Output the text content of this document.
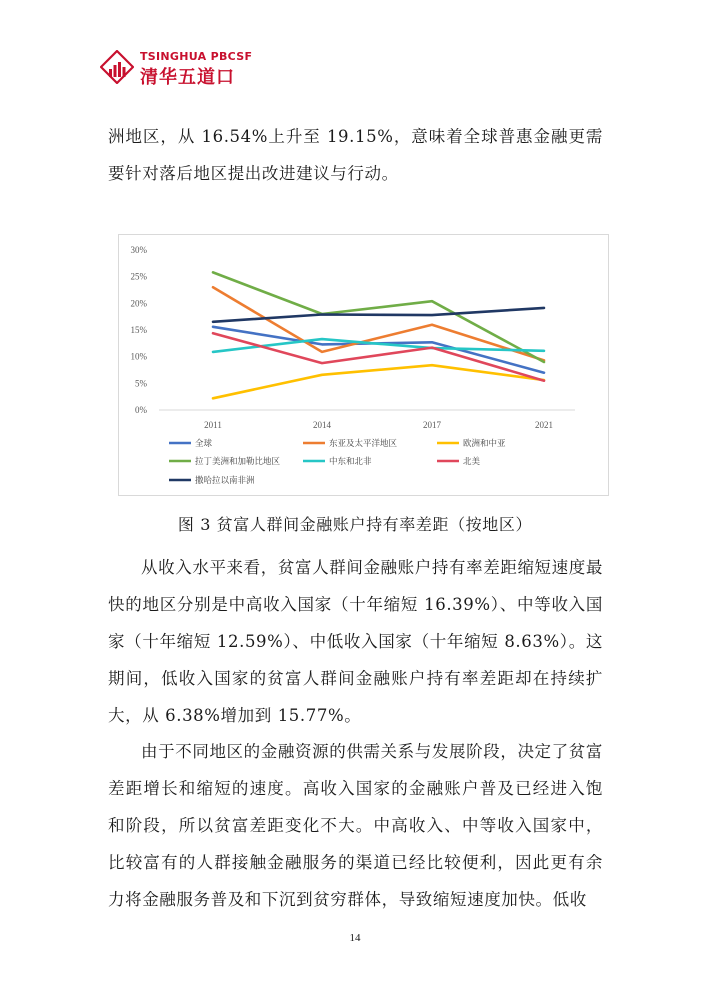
TSINGHUA PBCSF
清华五道口

洲地区，从 16.54%上升至 19.15%，意味着全球普惠金融更需要针对落后地区提出改进建议与行动。

0%
5%
10%
15%
20%
25%
30%
2011	2014	2017	2021
全球	东亚及太平洋地区	欧洲和中亚
拉丁美洲和加勒比地区	中东和北非	北美
撒哈拉以南非洲
图 3 贫富人群间金融账户持有率差距（按地区）

从收入水平来看，贫富人群间金融账户持有率差距缩短速度最快的地区分别是中高收入国家（十年缩短 16.39%）、中等收入国家（十年缩短 12.59%）、中低收入国家（十年缩短 8.63%）。这期间，低收入国家的贫富人群间金融账户持有率差距却在持续扩大，从 6.38%增加到 15.77%。

由于不同地区的金融资源的供需关系与发展阶段，决定了贫富差距增长和缩短的速度。高收入国家的金融账户普及已经进入饱和阶段，所以贫富差距变化不大。中高收入、中等收入国家中，比较富有的人群接触金融服务的渠道已经比较便利，因此更有余力将金融服务普及和下沉到贫穷群体，导致缩短速度加快。低收

14
